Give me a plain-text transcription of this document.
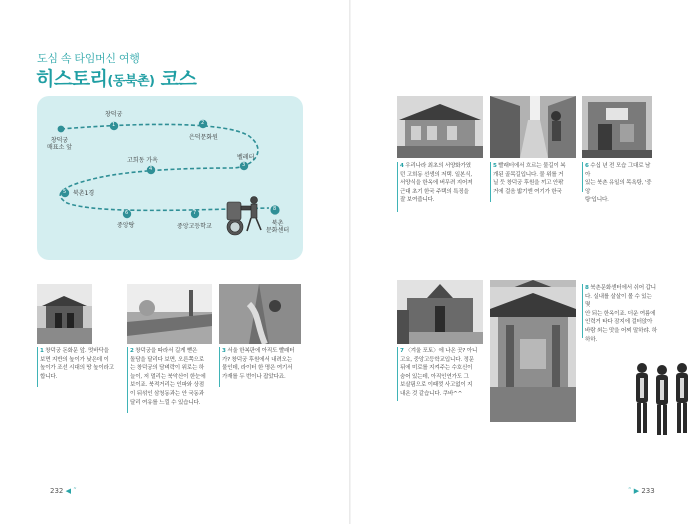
도심 속 타임머신 여행
히스토리(동북촌) 코스
1	2
3
4
5
6	7
8
창덕궁
은덕문화원
벨레터
고희동 가옥
북촌1경
중앙탕	중앙고등학교	북촌
문화센터
창덕궁
매표소 앞
1 창덕궁 돈화문 앞. 멋바닥을
보면 지반의 높이가 낮은데 이
높이가 조선 시대의 땅 높이라고
합니다.
2 창덕궁을 따라서 길게 뻗은
돌담을 달리다 보면, 오른쪽으로
는 창덕궁의 담벼락이 위로는 하
늘이, 저 멀리는 북악산이 한눈에
보이죠. 북적거리는 인파와 상점
이 뒤섞인 삼청동과는 안 국동과
달리 여유를 느낄 수 있습니다.
3 서울 한복판에 아직도 빨래터
가? 창덕궁 후원에서 내려오는
물인데, 라이터 한 명은 여기서
가재를 두 번이나 잡았다죠.
232 ◀ ˜
4 우리나라 최초의 서양화가였
던 고희동 선생의 저택. 일본식,
서양식을 한옥에 버무려 지어져
근대 초기 한국 주택의 특징을
잘 보여줍니다.
5 빨래터에서 흐르는 물길이 복
개된 골목길입니다. 물 위를 거
닐 듯 창덕궁 후원을 끼고 안팎
거에 걸음 밟기엔 여기가 한국
6 수십 년 전 모습 그대로 남아
있는 북촌 유일의 목욕탕, '중앙
탕'입니다.
7 〈겨울 포토〉에 나온 곳? 아니
고요, 중앙고등학교입니다. 정문
뒤에 미로를 지켜주는 수호신이
숨어 있는데, 아직인연가도 그
보살핌으로 이때껏 사고없이 지
내온 것 같습니다. 쿠바^^
8 북촌문화센터에서 쉬어 갑니
다. 실내를 살살이 볼 수 있는 몇
안 되는 한옥이죠. 더운 여름에
인력거 타다 잠지에 걸터앉아
바람 쐬는 맛을 어찌 말하랴. 하
하하.
˜ ▶ 233
